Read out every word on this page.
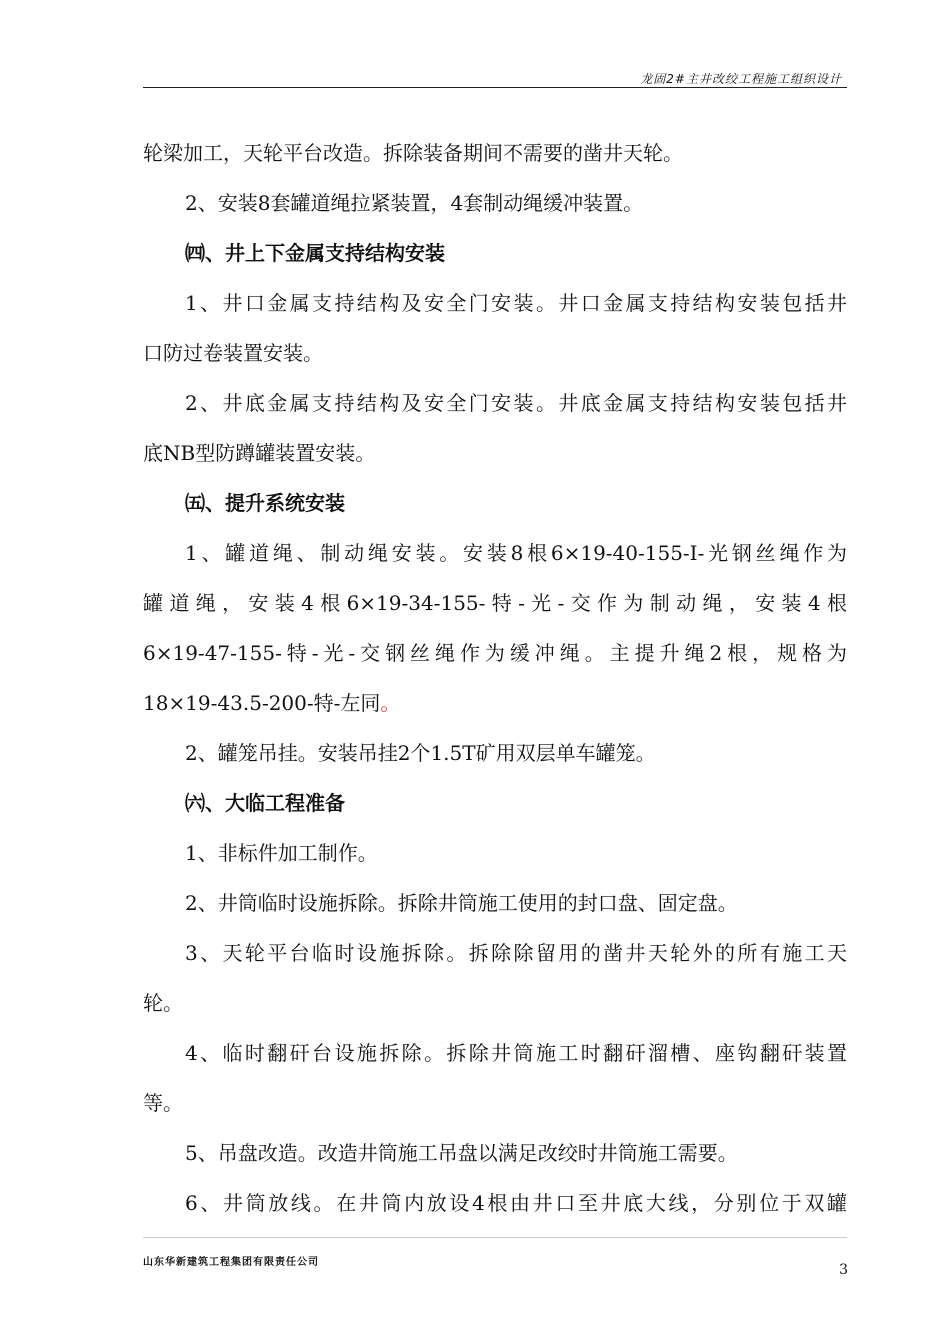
龙固2#主井改绞工程施工组织设计
轮梁加工，天轮平台改造。拆除装备期间不需要的凿井天轮。
2、安装8套罐道绳拉紧装置，4套制动绳缓冲装置。
㈣、井上下金属支持结构安装
1、井口金属支持结构及安全门安装。井口金属支持结构安装包括井
口防过卷装置安装。
2、井底金属支持结构及安全门安装。井底金属支持结构安装包括井
底NB型防蹲罐装置安装。
㈤、提升系统安装
1、罐道绳、制动绳安装。安装8根6×19-40-155-I-光钢丝绳作为
罐道绳，安装4根6×19-34-155-特-光-交作为制动绳，安装4根
6×19-47-155-特-光-交钢丝绳作为缓冲绳。主提升绳2根，规格为
18×19-43.5-200-特-左同。
2、罐笼吊挂。安装吊挂2个1.5T矿用双层单车罐笼。
㈥、大临工程准备
1、非标件加工制作。
2、井筒临时设施拆除。拆除井筒施工使用的封口盘、固定盘。
3、天轮平台临时设施拆除。拆除除留用的凿井天轮外的所有施工天
轮。
4、临时翻矸台设施拆除。拆除井筒施工时翻矸溜槽、座钩翻矸装置
等。
5、吊盘改造。改造井筒施工吊盘以满足改绞时井筒施工需要。
6、井筒放线。在井筒内放设4根由井口至井底大线，分别位于双罐
山东华新建筑工程集团有限责任公司	3
